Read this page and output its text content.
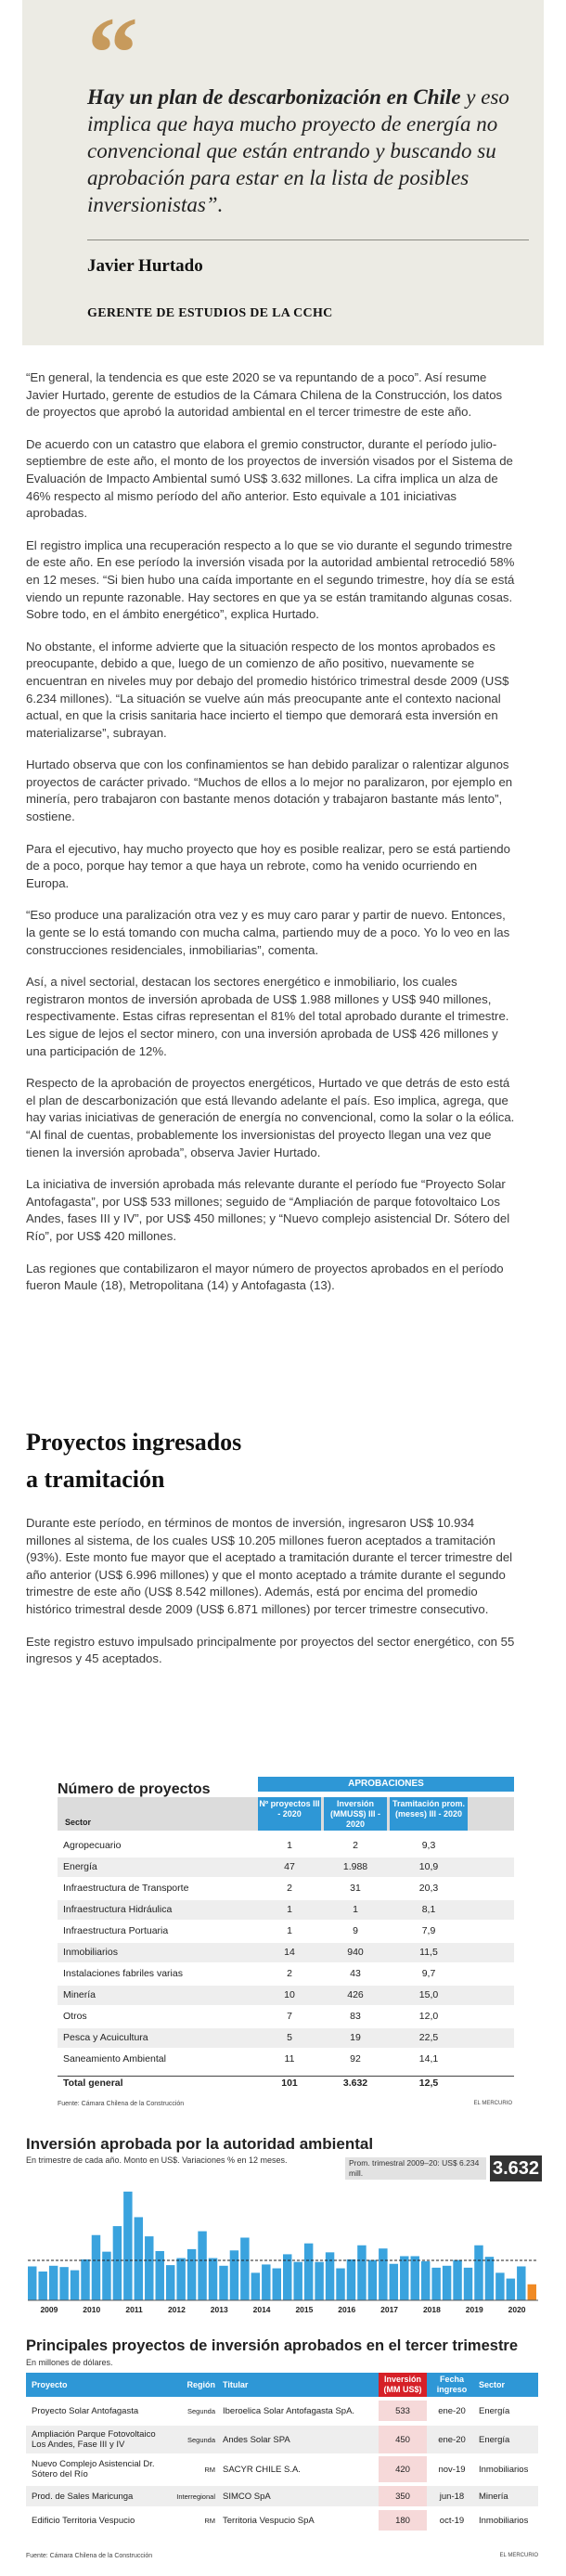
“
Hay un plan de descarbonización en Chile y eso implica que haya mucho proyecto de energía no convencional que están entrando y buscando su aprobación para estar en la lista de posibles inversionistas”.
Javier Hurtado
GERENTE DE ESTUDIOS DE LA CCHC

“En general, la tendencia es que este 2020 se va repuntando de a poco”. Así resume Javier Hurtado, gerente de estudios de la Cámara Chilena de la Construcción, los datos de proyectos que aprobó la autoridad ambiental en el tercer trimestre de este año.

De acuerdo con un catastro que elabora el gremio constructor, durante el período julio-septiembre de este año, el monto de los proyectos de inversión visados por el Sistema de Evaluación de Impacto Ambiental sumó US$ 3.632 millones. La cifra implica un alza de 46% respecto al mismo período del año anterior. Esto equivale a 101 iniciativas aprobadas.

El registro implica una recuperación respecto a lo que se vio durante el segundo trimestre de este año. En ese período la inversión visada por la autoridad ambiental retrocedió 58% en 12 meses. “Si bien hubo una caída importante en el segundo trimestre, hoy día se está viendo un repunte razonable. Hay sectores en que ya se están tramitando algunas cosas. Sobre todo, en el ámbito energético”, explica Hurtado.

No obstante, el informe advierte que la situación respecto de los montos aprobados es preocupante, debido a que, luego de un comienzo de año positivo, nuevamente se encuentran en niveles muy por debajo del promedio histórico trimestral desde 2009 (US$ 6.234 millones). “La situación se vuelve aún más preocupante ante el contexto nacional actual, en que la crisis sanitaria hace incierto el tiempo que demorará esta inversión en materializarse”, subrayan.

Hurtado observa que con los confinamientos se han debido paralizar o ralentizar algunos proyectos de carácter privado. “Muchos de ellos a lo mejor no paralizaron, por ejemplo en minería, pero trabajaron con bastante menos dotación y trabajaron bastante más lento”, sostiene.

Para el ejecutivo, hay mucho proyecto que hoy es posible realizar, pero se está partiendo de a poco, porque hay temor a que haya un rebrote, como ha venido ocurriendo en Europa.

“Eso produce una paralización otra vez y es muy caro parar y partir de nuevo. Entonces, la gente se lo está tomando con mucha calma, partiendo muy de a poco. Yo lo veo en las construcciones residenciales, inmobiliarias”, comenta.

Así, a nivel sectorial, destacan los sectores energético e inmobiliario, los cuales registraron montos de inversión aprobada de US$ 1.988 millones y US$ 940 millones, respectivamente. Estas cifras representan el 81% del total aprobado durante el trimestre. Les sigue de lejos el sector minero, con una inversión aprobada de US$ 426 millones y una participación de 12%.

Respecto de la aprobación de proyectos energéticos, Hurtado ve que detrás de esto está el plan de descarbonización que está llevando adelante el país. Eso implica, agrega, que hay varias iniciativas de generación de energía no convencional, como la solar o la eólica. “Al final de cuentas, probablemente los inversionistas del proyecto llegan una vez que tienen la inversión aprobada”, observa Javier Hurtado.

La iniciativa de inversión aprobada más relevante durante el período fue “Proyecto Solar Antofagasta”, por US$ 533 millones; seguido de “Ampliación de parque fotovoltaico Los Andes, fases III y IV”, por US$ 450 millones; y “Nuevo complejo asistencial Dr. Sótero del Río”, por US$ 420 millones.

Las regiones que contabilizaron el mayor número de proyectos aprobados en el período fueron Maule (18), Metropolitana (14) y Antofagasta (13).

Proyectos ingresados
a tramitación

Durante este período, en términos de montos de inversión, ingresaron US$ 10.934 millones al sistema, de los cuales US$ 10.205 millones fueron aceptados a tramitación (93%). Este monto fue mayor que el aceptado a tramitación durante el tercer trimestre del año anterior (US$ 6.996 millones) y que el monto aceptado a trámite durante el segundo trimestre de este año (US$ 8.542 millones). Además, está por encima del promedio histórico trimestral desde 2009 (US$ 6.871 millones) por tercer trimestre consecutivo.

Este registro estuvo impulsado principalmente por proyectos del sector energético, con 55 ingresos y 45 aceptados.

Número de proyectos	APROBACIONES
Sector
Nº proyectos III - 2020
Inversión (MMUS$) III - 2020
Tramitación prom. (meses) III - 2020
Agropecuario	1	2	9,3
Energía	47	1.988	10,9
Infraestructura de Transporte	2	31	20,3
Infraestructura Hidráulica	1	1	8,1
Infraestructura Portuaria	1	9	7,9
Inmobiliarios	14	940	11,5
Instalaciones fabriles varias	2	43	9,7
Minería	10	426	15,0
Otros	7	83	12,0
Pesca y Acuicultura	5	19	22,5
Saneamiento Ambiental	11	92	14,1
Total general	101	3.632	12,5
Fuente: Cámara Chilena de la Construcción	EL MERCURIO
Inversión aprobada por la autoridad ambiental
En trimestre de cada año. Monto en US$. Variaciones % en 12 meses.	Prom. trimestral 2009–20: US$ 6.234 mill.	3.632
2009	2010	2011	2012	2013	2014	2015	2016	2017	2018	2019	2020
Principales proyectos de inversión aprobados en el tercer trimestre
En millones de dólares.
Proyecto	Región Titular
Inversión (MM US$)
Fecha ingreso
Sector
Proyecto Solar Antofagasta	Segunda Iberoelica Solar Antofagasta SpA.	533	ene-20	Energía
Ampliación Parque Fotovoltaico Los Andes, Fase III y IV	Segunda Andes Solar SPA	450	ene-20	Energía
Nuevo Complejo Asistencial Dr. Sótero del Río	RM SACYR CHILE S.A.	420	nov-19	Inmobiliarios
Prod. de Sales Maricunga	Interregional SIMCO SpA	350	jun-18	Minería
Edificio Territoria Vespucio	RM Territoria Vespucio SpA	180	oct-19	Inmobiliarios
Fuente: Cámara Chilena de la Construcción	EL MERCURIO
